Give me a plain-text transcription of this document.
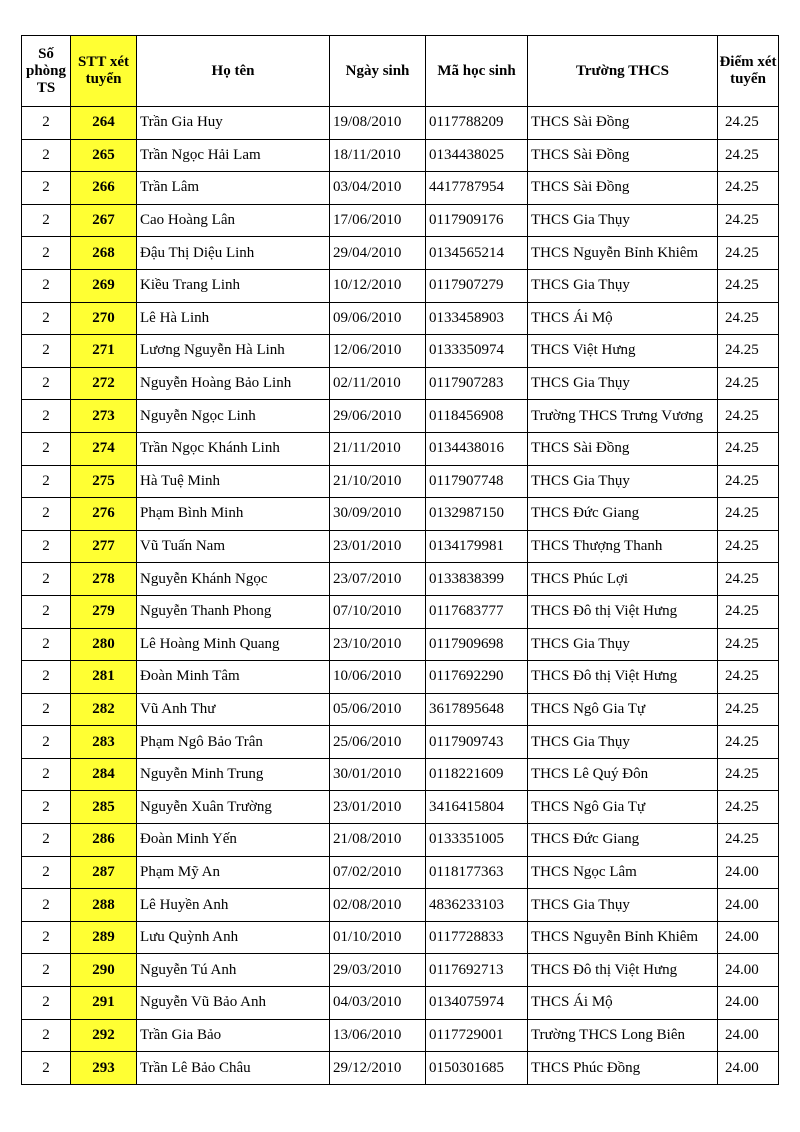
Số phòng TS	STT xét tuyển	Họ tên	Ngày sinh	Mã học sinh	Trường THCS	Điểm xét tuyển
2	264	Trần Gia Huy	19/08/2010	0117788209	THCS Sài Đồng	24.25
2	265	Trần Ngọc Hải Lam	18/11/2010	0134438025	THCS Sài Đồng	24.25
2	266	Trần Lâm	03/04/2010	4417787954	THCS Sài Đồng	24.25
2	267	Cao Hoàng Lân	17/06/2010	0117909176	THCS Gia Thụy	24.25
2	268	Đậu Thị Diệu Linh	29/04/2010	0134565214	THCS Nguyễn Bỉnh Khiêm	24.25
2	269	Kiều Trang Linh	10/12/2010	0117907279	THCS Gia Thụy	24.25
2	270	Lê Hà Linh	09/06/2010	0133458903	THCS Ái Mộ	24.25
2	271	Lương Nguyễn Hà Linh	12/06/2010	0133350974	THCS Việt Hưng	24.25
2	272	Nguyễn Hoàng Bảo Linh	02/11/2010	0117907283	THCS Gia Thụy	24.25
2	273	Nguyễn Ngọc Linh	29/06/2010	0118456908	Trường THCS Trưng Vương	24.25
2	274	Trần Ngọc Khánh Linh	21/11/2010	0134438016	THCS Sài Đồng	24.25
2	275	Hà Tuệ Minh	21/10/2010	0117907748	THCS Gia Thụy	24.25
2	276	Phạm Bình Minh	30/09/2010	0132987150	THCS Đức Giang	24.25
2	277	Vũ Tuấn Nam	23/01/2010	0134179981	THCS Thượng Thanh	24.25
2	278	Nguyễn Khánh Ngọc	23/07/2010	0133838399	THCS Phúc Lợi	24.25
2	279	Nguyễn Thanh Phong	07/10/2010	0117683777	THCS Đô thị Việt Hưng	24.25
2	280	Lê Hoàng Minh Quang	23/10/2010	0117909698	THCS Gia Thụy	24.25
2	281	Đoàn Minh Tâm	10/06/2010	0117692290	THCS Đô thị Việt Hưng	24.25
2	282	Vũ Anh Thư	05/06/2010	3617895648	THCS Ngô Gia Tự	24.25
2	283	Phạm Ngô Bảo Trân	25/06/2010	0117909743	THCS Gia Thụy	24.25
2	284	Nguyễn Minh Trung	30/01/2010	0118221609	THCS Lê Quý Đôn	24.25
2	285	Nguyễn Xuân Trường	23/01/2010	3416415804	THCS Ngô Gia Tự	24.25
2	286	Đoàn Minh Yến	21/08/2010	0133351005	THCS Đức Giang	24.25
2	287	Phạm Mỹ An	07/02/2010	0118177363	THCS Ngọc Lâm	24.00
2	288	Lê Huyền Anh	02/08/2010	4836233103	THCS Gia Thụy	24.00
2	289	Lưu Quỳnh Anh	01/10/2010	0117728833	THCS Nguyễn Bỉnh Khiêm	24.00
2	290	Nguyễn Tú Anh	29/03/2010	0117692713	THCS Đô thị Việt Hưng	24.00
2	291	Nguyễn Vũ Bảo Anh	04/03/2010	0134075974	THCS Ái Mộ	24.00
2	292	Trần Gia Bảo	13/06/2010	0117729001	Trường THCS Long Biên	24.00
2	293	Trần Lê Bảo Châu	29/12/2010	0150301685	THCS Phúc Đồng	24.00
